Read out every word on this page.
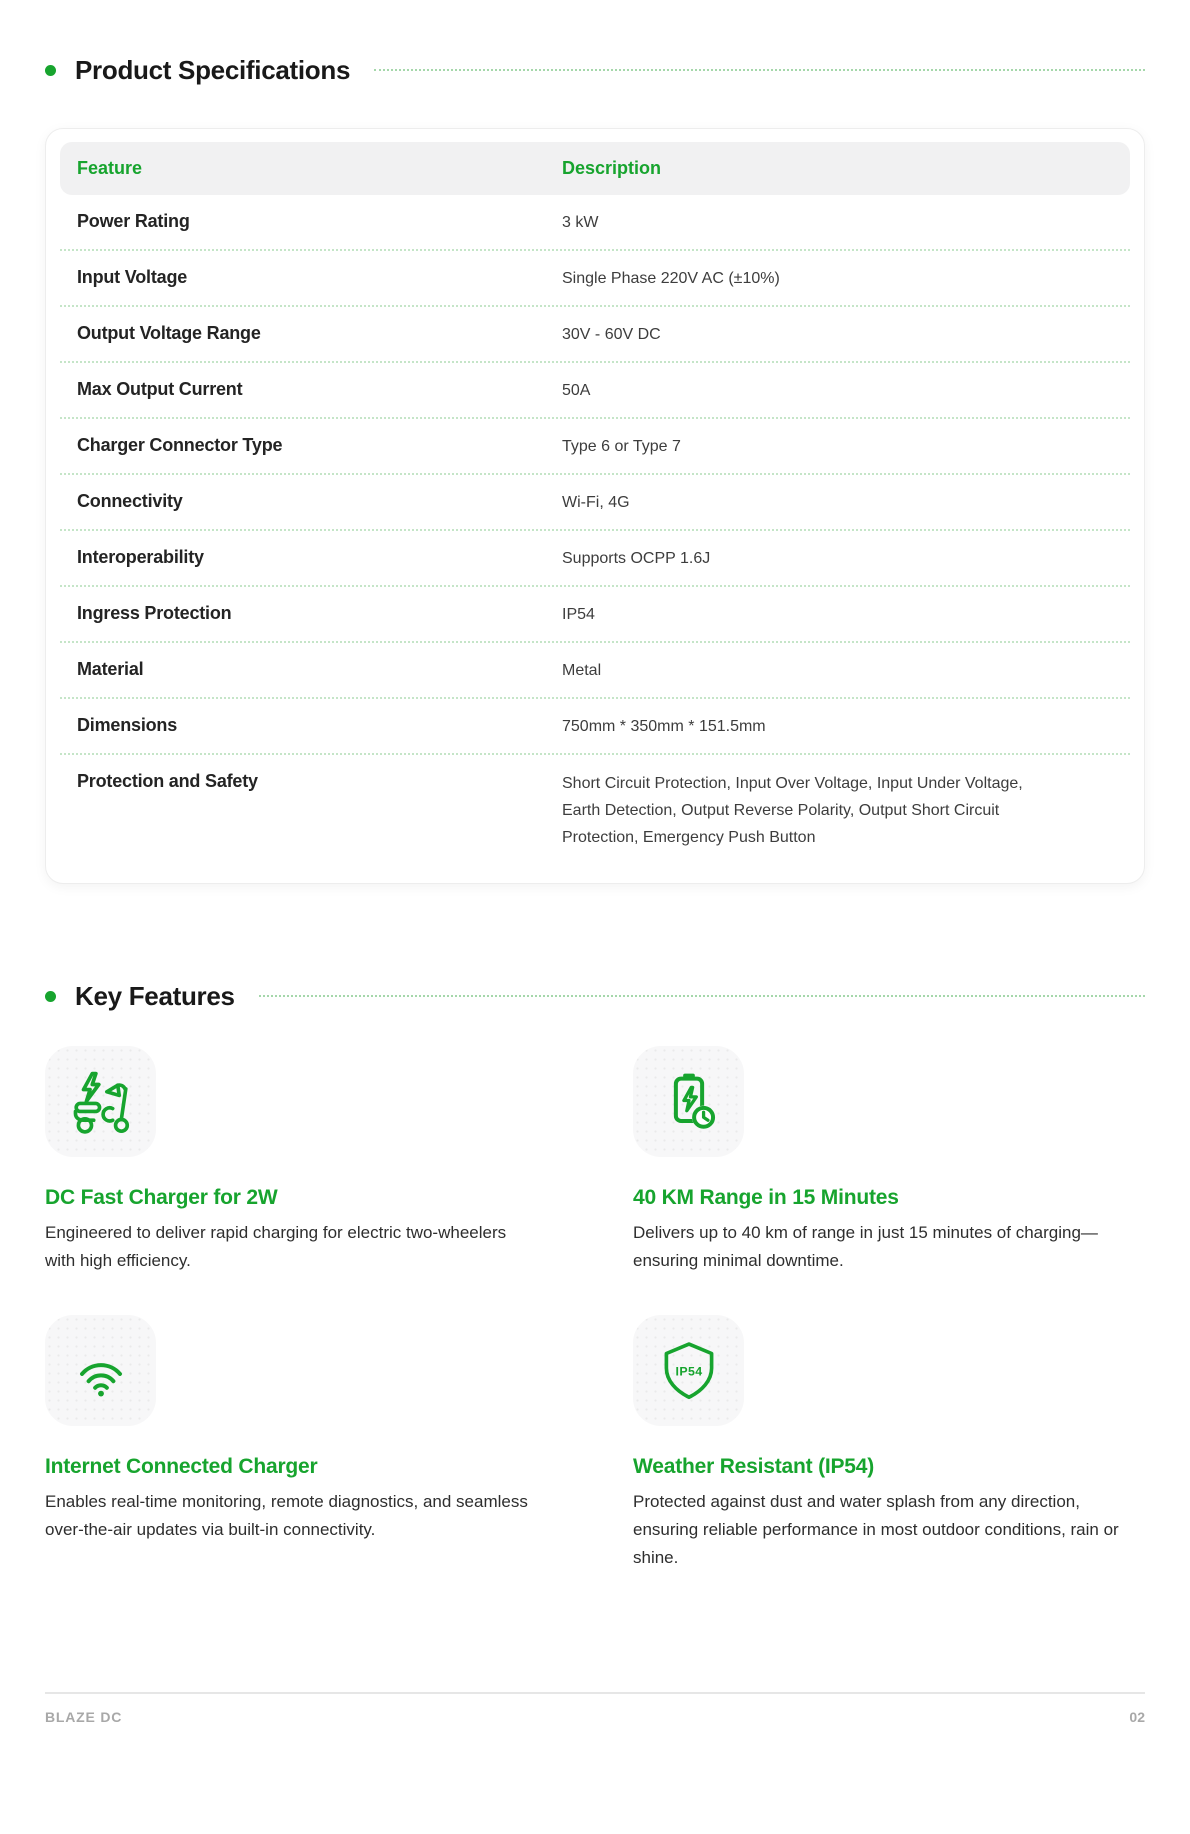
Product Specifications
Feature	Description
Power Rating	3 kW
Input Voltage	Single Phase 220V AC (±10%)
Output Voltage Range	30V - 60V DC
Max Output Current	50A
Charger Connector Type	Type 6 or Type 7
Connectivity	Wi-Fi, 4G
Interoperability	Supports OCPP 1.6J
Ingress Protection	IP54
Material	Metal
Dimensions	750mm * 350mm * 151.5mm
Protection and Safety	Short Circuit Protection, Input Over Voltage, Input Under Voltage, Earth Detection, Output Reverse Polarity, Output Short Circuit Protection, Emergency Push Button
Key Features
DC Fast Charger for 2W
Engineered to deliver rapid charging for electric two-wheelers with high efficiency.
40 KM Range in 15 Minutes
Delivers up to 40 km of range in just 15 minutes of charging—ensuring minimal downtime.
Internet Connected Charger
Enables real-time monitoring, remote diagnostics, and seamless over-the-air updates via built-in connectivity.
IP54
Weather Resistant (IP54)
Protected against dust and water splash from any direction, ensuring reliable performance in most outdoor conditions, rain or shine.
BLAZE DC	02
